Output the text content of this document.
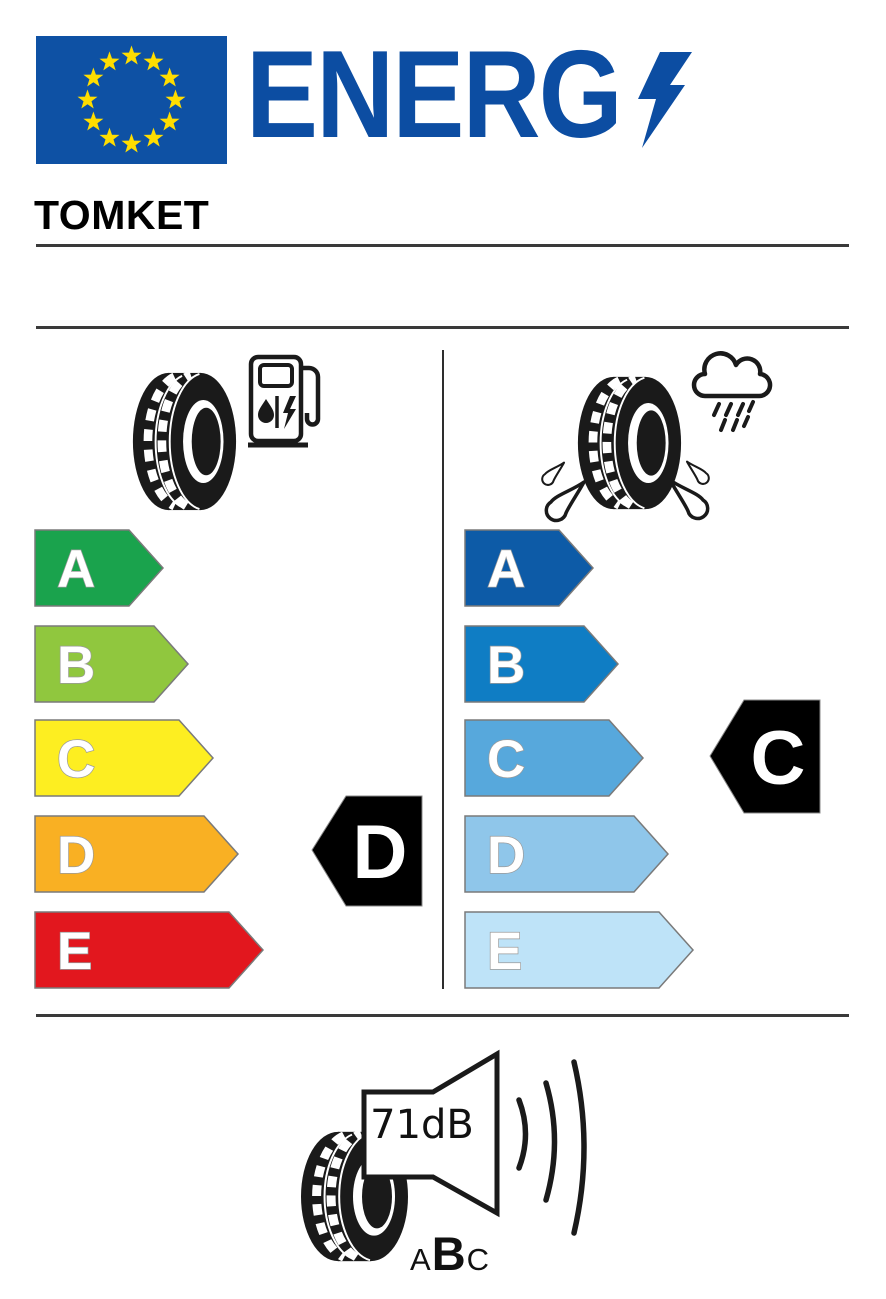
ENERG
TOMKET
A
B
C
D
E
D
A
B
C
D
E
C
71dB
A B C
